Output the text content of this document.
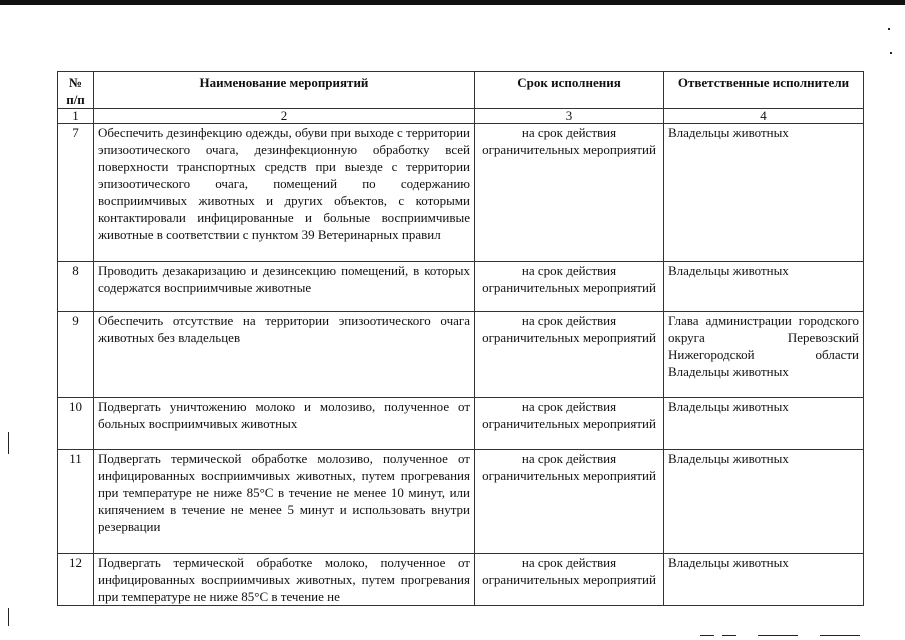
№ п/п	Наименование мероприятий	Срок исполнения	Ответственные исполнители
1	2	3	4
7	Обеспечить дезинфекцию одежды, обуви при выходе с территории эпизоотического очага, дезинфекционную обработку всей поверхности транспортных средств при выезде с территории эпизоотического очага, помещений по содержанию восприимчивых животных и других объектов, с которыми контактировали инфицированные и больные восприимчивые животные в соответствии с пунктом 39 Ветеринарных правил	на срок действия ограничительных мероприятий	Владельцы животных
8	Проводить дезакаризацию и дезинсекцию помещений, в которых содержатся восприимчивые животные	на срок действия ограничительных мероприятий	Владельцы животных
9	Обеспечить отсутствие на территории эпизоотического очага животных без владельцев	на срок действия ограничительных мероприятий	Глава администрации городского округа Перевозский Нижегородской области Владельцы животных
10	Подвергать уничтожению молоко и молозиво, полученное от больных восприимчивых животных	на срок действия ограничительных мероприятий	Владельцы животных
11	Подвергать термической обработке молозиво, полученное от инфицированных восприимчивых животных, путем прогревания при температуре не ниже 85°С в течение не менее 10 минут, или кипячением в течение не менее 5 минут и использовать внутри резервации	на срок действия ограничительных мероприятий	Владельцы животных
12	Подвергать термической обработке молоко, полученное от инфицированных восприимчивых животных, путем прогревания при температуре не ниже 85°С в течение не	на срок действия ограничительных мероприятий	Владельцы животных
